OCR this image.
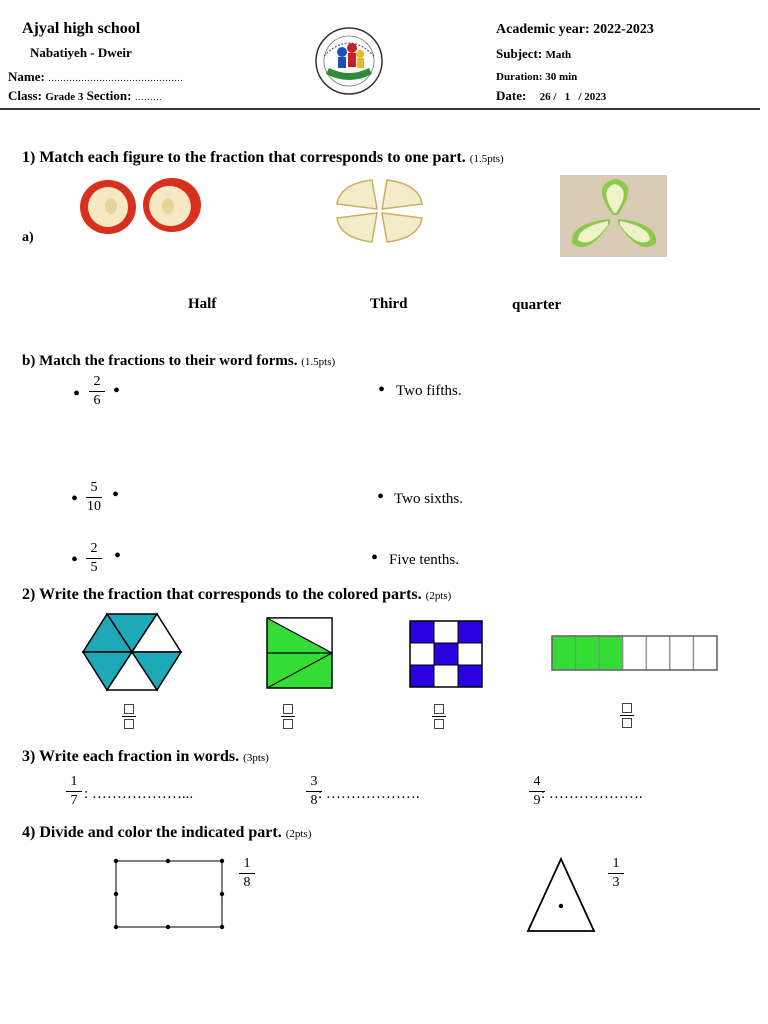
Ajyal high school
Nabatiyeh - Dweir
Name: ………………………………………
Class: Grade 3 Section: ………
Academic year: 2022-2023
Subject: Math
Duration: 30 min
Date: 26 /   1   / 2023
1) Match each figure to the fraction that corresponds to one part. (1.5pts)
a)
Half	Third	quarter
b) Match the fractions to their word forms. (1.5pts)
•
2
6 •	• Two fifths.
•
5
10
•	• Two sixths.
•
2
5
•	• Five tenths.
2) Write the fraction that corresponds to the colored parts. (2pts)
3) Write each fraction in words. (3pts)
1
7 : ………………...
3
8 : ……………….
4
9 : ……………….
4) Divide and color the indicated part. (2pts)
1
8
1
3
